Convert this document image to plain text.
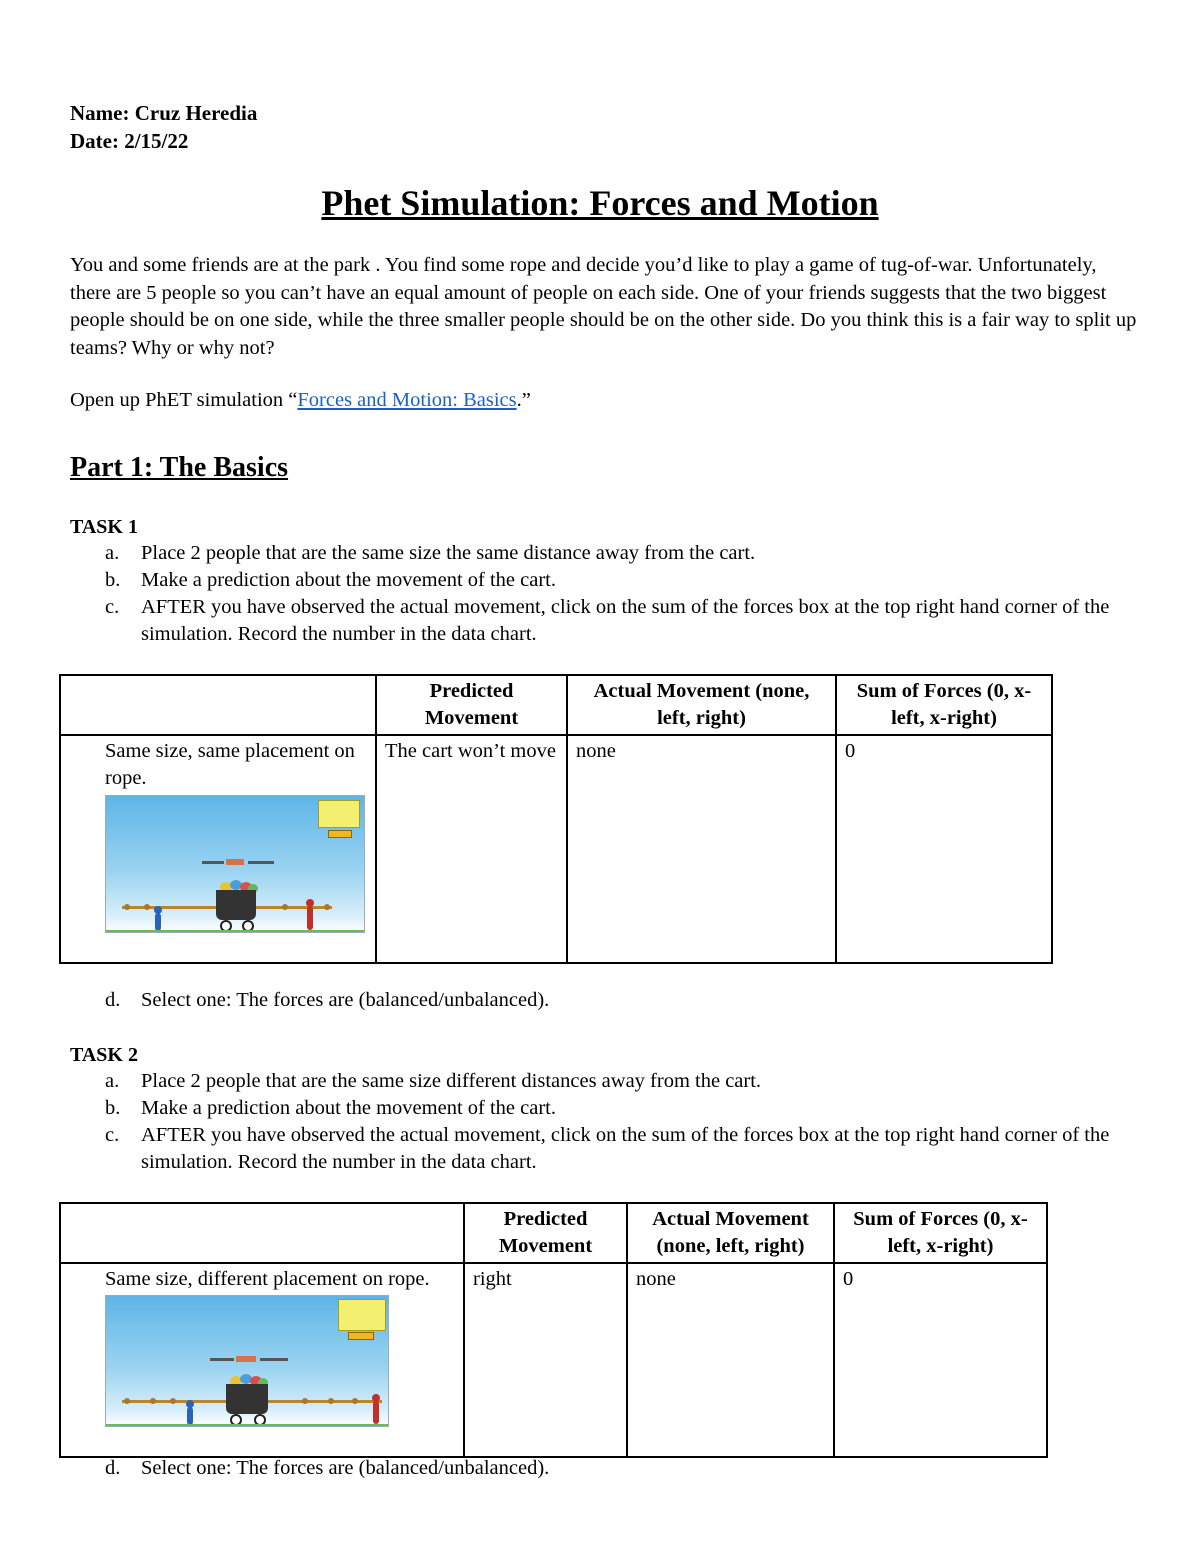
Name: Cruz Heredia
Date: 2/15/22
Phet Simulation: Forces and Motion
You and some friends are at the park . You find some rope and decide you’d like to play a game of tug-of-war. Unfortunately, there are 5 people so you can’t have an equal amount of people on each side. One of your friends suggests that the two biggest people should be on one side, while the three smaller people should be on the other side. Do you think this is a fair way to split up teams? Why or why not?
Open up PhET simulation “Forces and Motion: Basics.”
Part 1: The Basics
TASK 1
a.	Place 2 people that are the same size the same distance away from the cart.
b.	Make a prediction about the movement of the cart.
c.	AFTER you have observed the actual movement, click on the sum of the forces box at the top right hand corner of the simulation. Record the number in the data chart.
	Predicted Movement	Actual Movement (none, left, right)	Sum of Forces (0, x-left, x-right)

Same size, same placement on rope.	The cart won’t move	none	0
d.	Select one: The forces are (balanced/unbalanced).
TASK 2
a.	Place 2 people that are the same size different distances away from the cart.
b.	Make a prediction about the movement of the cart.
c.	AFTER you have observed the actual movement, click on the sum of the forces box at the top right hand corner of the simulation. Record the number in the data chart.
	Predicted Movement	Actual Movement (none, left, right)	Sum of Forces (0, x-left, x-right)

Same size, different placement on rope.	right	none	0
d.	Select one: The forces are (balanced/unbalanced).
